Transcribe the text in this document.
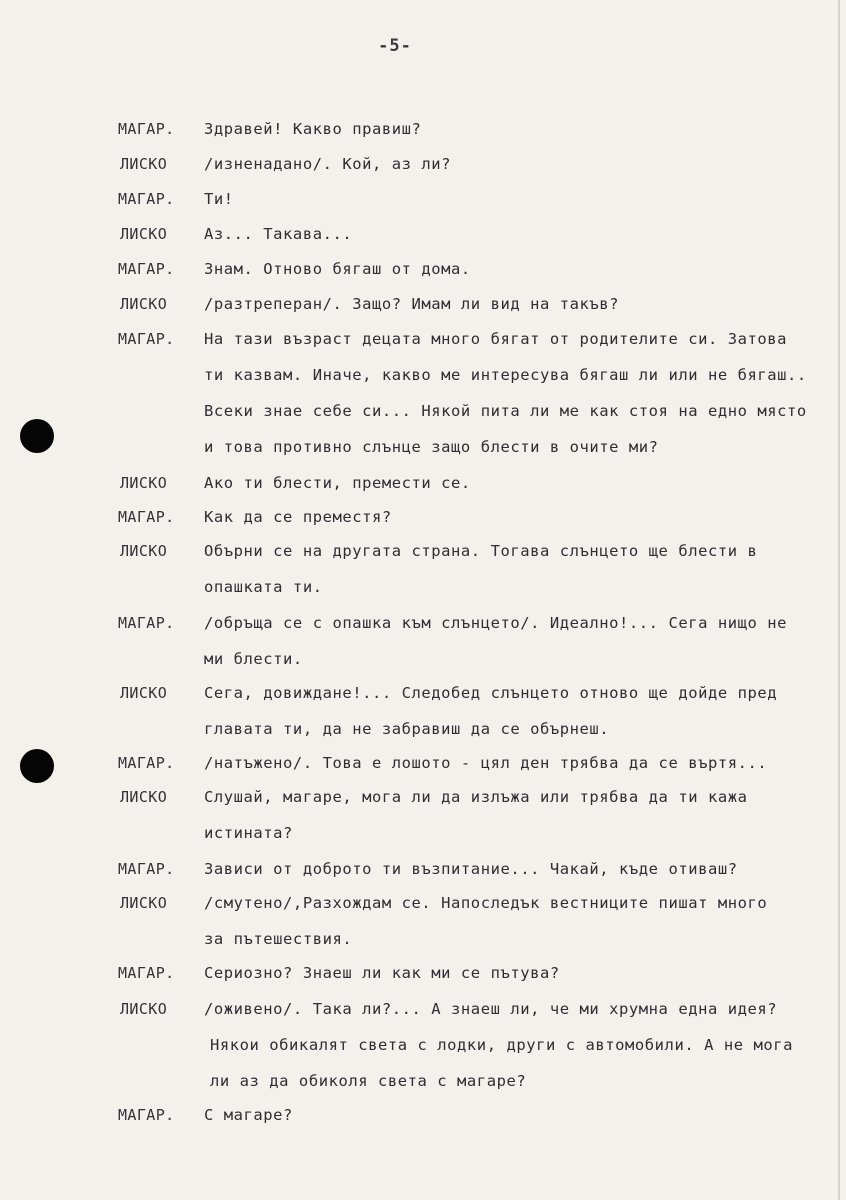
-5-
МАГАР. Здравей! Какво правиш?
ЛИСКО /изненадано/. Кой, аз ли?
МАГАР. Ти!
ЛИСКО Аз... Такава...
МАГАР. Знам. Отново бягаш от дома.
ЛИСКО /разтреперан/. Защо? Имам ли вид на такъв?
МАГАР. На тази възраст децата много бягат от родителите си. Затова
ти казвам. Иначе, какво ме интересува бягаш ли или не бягаш..
Всеки знае себе си... Някой пита ли ме как стоя на едно място
и това противно слънце защо блести в очите ми?
ЛИСКО Ако ти блести, премести се.
МАГАР. Как да се преместя?
ЛИСКО Обърни се на другата страна. Тогава слънцето ще блести в
опашката ти.
МАГАР. /обръща се с опашка към слънцето/. Идеално!... Сега нищо не
ми блести.
ЛИСКО Сега, довиждане!... Следобед слънцето отново ще дойде пред
главата ти, да не забравиш да се обърнеш.
МАГАР. /натъжено/. Това е лошото - цял ден трябва да се въртя...
ЛИСКО Слушай, магаре, мога ли да излъжа или трябва да ти кажа
истината?
МАГАР. Зависи от доброто ти възпитание... Чакай, къде отиваш?
ЛИСКО /смутено/,Разхождам се. Напоследък вестниците пишат много
за пътешествия.
МАГАР. Сериозно? Знаеш ли как ми се пътува?
ЛИСКО /оживено/. Така ли?... А знаеш ли, че ми хрумна една идея?
Някои обикалят света с лодки, други с автомобили. А не мога
ли аз да обиколя света с магаре?
МАГАР. С магаре?
